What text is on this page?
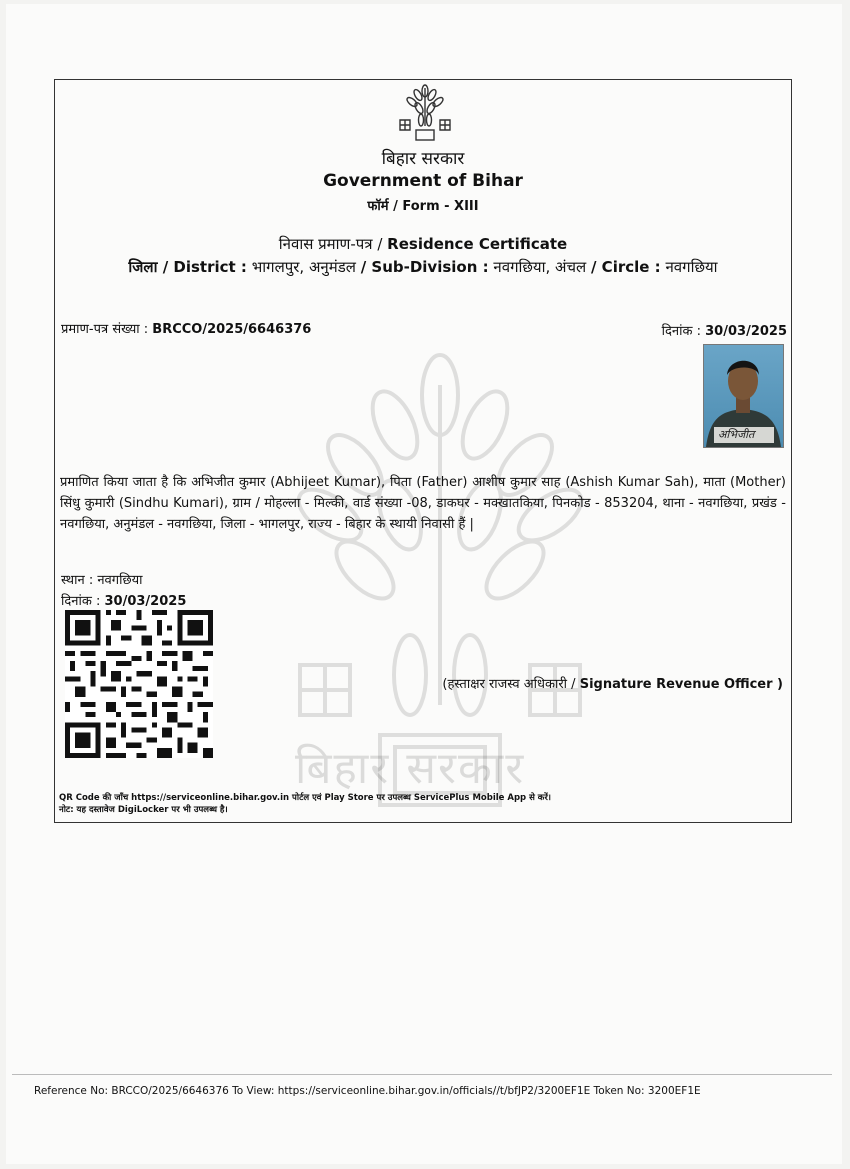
बिहार सरकार
बिहार सरकार
Government of Bihar
फॉर्म / Form - XIII
निवास प्रमाण-पत्र / Residence Certificate
जिला / District : भागलपुर, अनुमंडल / Sub-Division : नवगछिया, अंचल / Circle : नवगछिया
प्रमाण-पत्र संख्या : BRCCO/2025/6646376	दिनांक : 30/03/2025
अभिजीत
प्रमाणित किया जाता है कि अभिजीत कुमार (Abhijeet Kumar), पिता (Father) आशीष कुमार साह (Ashish Kumar Sah), माता (Mother) सिंधु कुमारी (Sindhu Kumari), ग्राम / मोहल्ला - मिल्की, वार्ड संख्या -08, डाकघर - मक्खातकिया, पिनकोड - 853204, थाना - नवगछिया, प्रखंड - नवगछिया, अनुमंडल - नवगछिया, जिला - भागलपुर, राज्य - बिहार के स्थायी निवासी हैं |
स्थान : नवगछिया
दिनांक : 30/03/2025
(हस्ताक्षर राजस्व अधिकारी / Signature Revenue Officer )
QR Code की जाँच https://serviceonline.bihar.gov.in पोर्टल एवं Play Store पर उपलब्ध ServicePlus Mobile App से करें।
नोट: यह दस्तावेज DigiLocker पर भी उपलब्ध है।
Reference No: BRCCO/2025/6646376 To View: https://serviceonline.bihar.gov.in/officials//t/bfJP2/3200EF1E Token No: 3200EF1E
